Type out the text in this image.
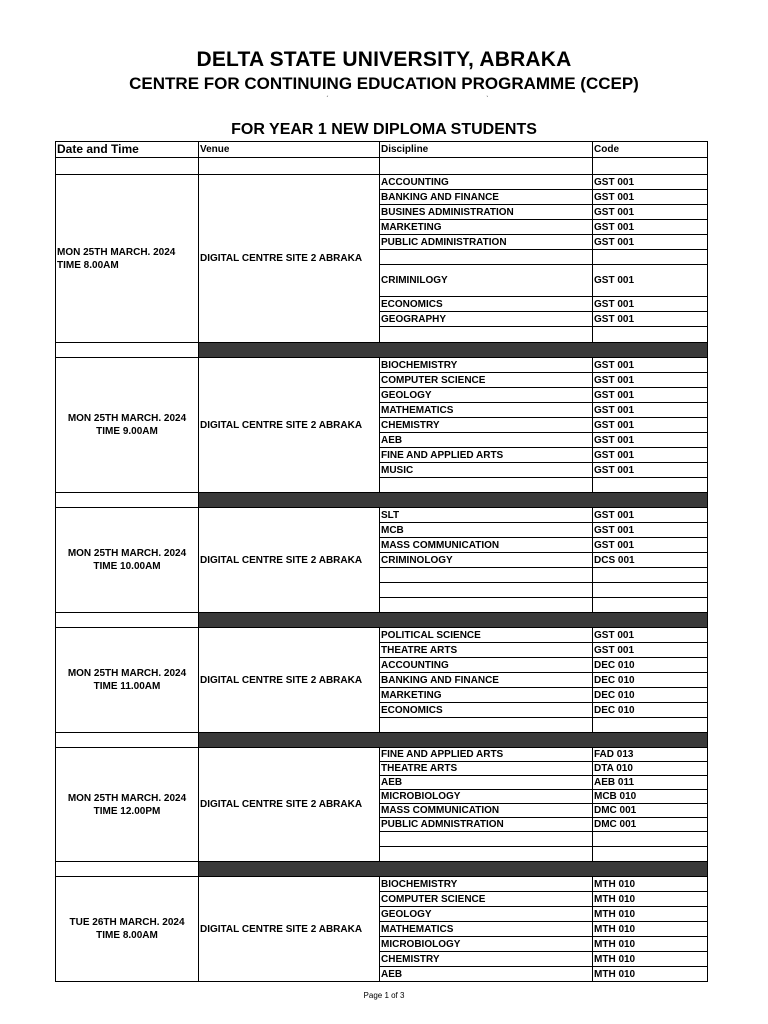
DELTA STATE UNIVERSITY, ABRAKA
CENTRE FOR CONTINUING EDUCATION PROGRAMME (CCEP)
ˊ	ˋ
FOR YEAR 1 NEW DIPLOMA STUDENTS
Date and Time	Venue	Discipline	Code

MON 25TH MARCH. 2024
TIME 8.00AM	DIGITAL CENTRE SITE 2 ABRAKA	ACCOUNTING	GST 001
		BANKING AND FINANCE	GST 001
		BUSINES ADMINISTRATION	GST 001
		MARKETING	GST 001
		PUBLIC ADMINISTRATION	GST 001

		CRIMINILOGY	GST 001
		ECONOMICS	GST 001
		GEOGRAPHY	GST 001

MON 25TH MARCH. 2024
TIME 9.00AM	DIGITAL CENTRE SITE 2 ABRAKA	BIOCHEMISTRY	GST 001
		COMPUTER SCIENCE	GST 001
		GEOLOGY	GST 001
		MATHEMATICS	GST 001
		CHEMISTRY	GST 001
		AEB	GST 001
		FINE AND APPLIED ARTS	GST 001
		MUSIC	GST 001

MON 25TH MARCH. 2024
TIME 10.00AM	DIGITAL CENTRE SITE 2 ABRAKA	SLT	GST 001
		MCB	GST 001
		MASS COMMUNICATION	GST 001
		CRIMINOLOGY	DCS 001

MON 25TH MARCH. 2024
TIME 11.00AM	DIGITAL CENTRE SITE 2 ABRAKA	POLITICAL SCIENCE	GST 001
		THEATRE ARTS	GST 001
		ACCOUNTING	DEC 010
		BANKING AND FINANCE	DEC 010
		MARKETING	DEC 010
		ECONOMICS	DEC 010

MON 25TH MARCH. 2024
TIME 12.00PM	DIGITAL CENTRE SITE 2 ABRAKA	FINE AND APPLIED ARTS	FAD 013
		THEATRE ARTS	DTA 010
		AEB	AEB 011
		MICROBIOLOGY	MCB 010
		MASS COMMUNICATION	DMC 001
		PUBLIC ADMNISTRATION	DMC 001

TUE 26TH MARCH. 2024
TIME 8.00AM	DIGITAL CENTRE SITE 2 ABRAKA	BIOCHEMISTRY	MTH 010
		COMPUTER SCIENCE	MTH 010
		GEOLOGY	MTH 010
		MATHEMATICS	MTH 010
		MICROBIOLOGY	MTH 010
		CHEMISTRY	MTH 010
		AEB	MTH 010
Page 1 of 3
